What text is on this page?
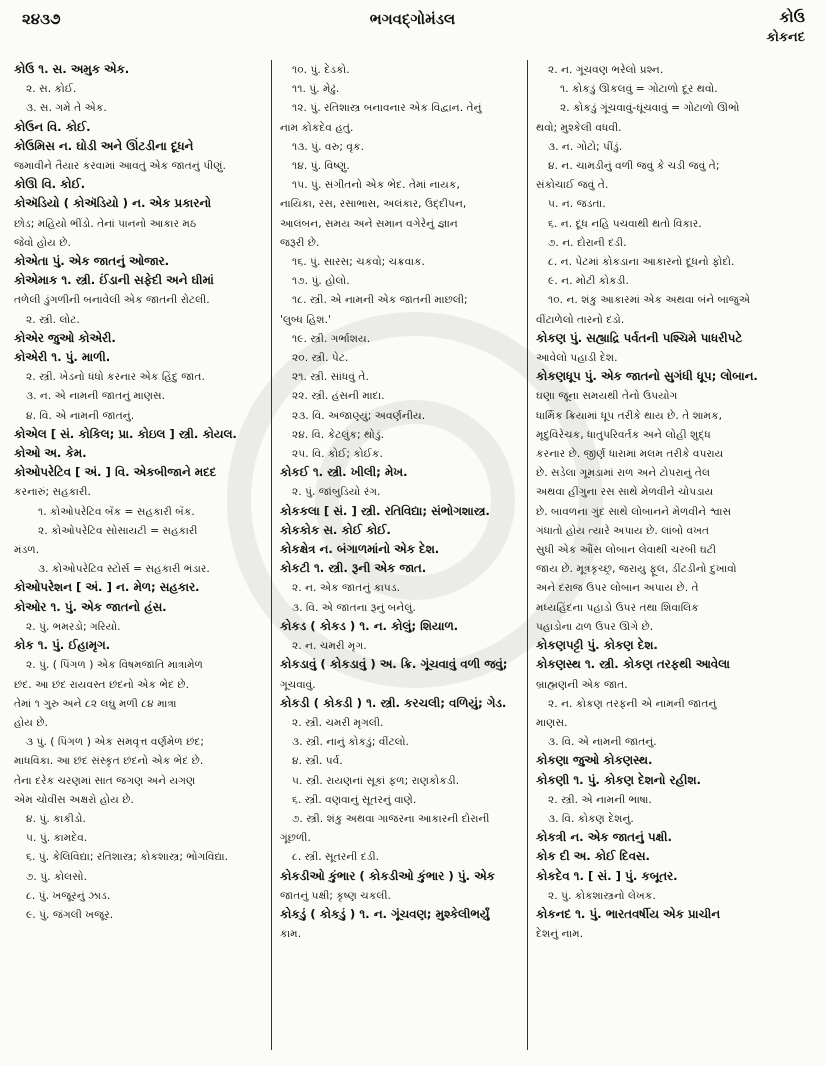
૨૪૩૭	ભગવદ્ગોમંડલ	કોઉ
કોકનદ
કોઉ ૧. સ. અમુક એક.
૨. સ. કોઈ.
૩. સ. ગમે તે એક.
કોઉન વિ. કોઈ.
કોઉમિસ ન. ઘોડી અને ઊંટડીના દૂધને
જમાવીને તૈયાર કરવામાં આવતું એક જાતનું પીણું.
કોઊ વિ. કોઈ.
કોઍડિયો ( કોઍડિયો ) ન. એક પ્રકારનો
છોડ; મહિયો ભીંડો. તેનાં પાનનો આકાર મઠ
જેવો હોય છે.
કોએતા પું. એક જાતનું ઓજાર.
કોએમાક ૧. સ્ત્રી. ઈંડાની સફેદી અને ઘીમાં
તળેલી ડુંગળીની બનાવેલી એક જાતની રોટલી.
૨. સ્ત્રી. લોટ.
કોએર જુઓ કોએરી.
કોએરી ૧. પું. માળી.
૨. સ્ત્રી. ખેડનો ધંધો કરનાર એક હિંદુ જાત.
૩. ન. એ નામની જાતનું માણસ.
૪. વિ. એ નામની જાતનું.
કોએલ [ સં. કોકિલ; પ્રા. કોઇલ ] સ્ત્રી. કોયલ.
કોઓ અ. કેમ.
કોઓપરેટિવ [ અં. ] વિ. એકબીજાને મદદ
કરનારું; સહકારી.
૧. કોઓપરેટિવ બૅંક = સહકારી બૅંક.
૨. કોઓપરેટિવ સોસાયટી = સહકારી
મંડળ.
૩. કોઓપરેટિવ સ્ટોર્સ = સહકારી ભંડાર.
કોઓપરેશન [ અં. ] ન. મેળ; સહકાર.
કોઓર ૧. પું. એક જાતનો હંસ.
૨. પું. ભમરડો; ગરિયો.
કોક ૧. પું. ઈહામૃગ.
૨. પું. ( પિંગળ ) એક વિષમજાતિ માત્રામેળ
છંદ. આ છંદ રાયવસ્ત છંદનો એક ભેદ છે.
તેમાં ૧ ગુરુ અને ૮૨ લઘુ મળી ૮૪ માત્રા
હોય છે.
૩ પું. ( પિંગળ ) એક સમવૃત્ત વર્ણમેળ છંદ;
માધવિકા. આ છંદ સંસ્કૃત છંદનો એક ભેદ છે.
તેના દરેક ચરણમાં સાત જગણ અને યગણ
એમ ચોવીસ અક્ષરો હોય છે.
૪. પું. કાકીડો.
૫. પું. કામદેવ.
૬. પું. કેલિવિદ્યા; રતિશાસ્ત્ર; કોકશાસ્ત્ર; ભોગવિદ્યા.
૭. પું. કોલસો.
૮. પું. ખજૂરનું ઝાડ.
૯. પું. જંગલી ખજૂર.
૧૦. પું. દેડકો.
૧૧. પું. મેઢું.
૧૨. પું. રતિશાસ્ત્ર બનાવનાર એક વિદ્વાન. તેનું
નામ કોકદેવ હતું.
૧૩. પું. વરુ; વૃક.
૧૪. પું. વિષ્ણુ.
૧૫. પું. સંગીતનો એક ભેદ. તેમાં નાયક,
નાયિકા, રસ, રસાભાસ, અલંકાર, ઉદ્દીપન,
આલંબન, સમય અને સમાન વગેરેનું જ્ઞાન
જરૂરી છે.
૧૬. પું. સારસ; ચકવો; ચક્રવાક.
૧૭. પું. હોલો.
૧૮. સ્ત્રી. એ નામની એક જાતની માછલી;
'લુબ્ધ હિશ.'
૧૯. સ્ત્રી. ગર્ભાશય.
૨૦. સ્ત્રી. પેટ.
૨૧. સ્ત્રી. સાંધવું તે.
૨૨. સ્ત્રી. હંસની માદા.
૨૩. વિ. અજાણ્યું; અવર્ણનીય.
૨૪. વિ. કેટલુંક; થોડું.
૨૫. વિ. કોઈ; કોઈક.
કોકઈ ૧. સ્ત્રી. ખીલી; મેખ.
૨. પું. જાંબુડિયો રંગ.
કોકકલા [ સં. ] સ્ત્રી. રતિવિદ્યા; સંભોગશાસ્ત્ર.
કોકકોક સ. કોઈ કોઈ.
કોકક્ષેત્ર ન. બંગાળમાંનો એક દેશ.
કોકટી ૧. સ્ત્રી. રૂની એક જાત.
૨. ન. એક જાતનું કાપડ.
૩. વિ. એ જાતના રૂનું બનેલું.
કોકડ ( કોકડ ) ૧. ન. કોલું; શિયાળ.
૨. ન. ચમરી મૃગ.
કોકડાવું ( કોકડાવું ) અ. ક્રિ. ગૂંચવાવું વળી જવું;
ગૂચવાવું.
કોકડી ( કોકડી ) ૧. સ્ત્રી. કરચલી; વળિયું; ગેડ.
૨. સ્ત્રી. ચમરી મૃગલી.
૩. સ્ત્રી. નાનું કોકડું; વીંટલો.
૪. સ્ત્રી. પર્વ.
૫. સ્ત્રી. રાયણનાં સૂકાં ફળ; રાણકોકડી.
૬. સ્ત્રી. વણવાનું સૂતરનું વાણે.
૭. સ્ત્રી. શંકુ અથવા ગાજરના આકારની દોરાની
ગૂંછળી.
૮. સ્ત્રી. સૂતરની દડી.
કોકડીઓ કુંભાર ( કોકડીઓ કુંભાર ) પું. એક
જાતનું પક્ષી; કૃષ્ણ ચકલી.
કોકડું ( કોકડું ) ૧. ન. ગૂંચવણ; મુશ્કેલીભર્યું
કામ.
૨. ન. ગૂંચવણ ભરેલો પ્રશ્ન.
૧. કોકડું ઊકલવું = ગોટાળો દૂર થવો.
૨. કોકડું ગૂંચવાવું-ઘૂંચવાવું = ગોટાળો ઊભો
થવો; મુશ્કેલી વધવી.
૩. ન. ગોટો; પીંડું.
૪. ન. ચામડીનું વળી જવું કે ચડી જવું તે;
સંકોચાઈ જવું તે.
૫. ન. જડતા.
૬. ન. દૂધ નહિ પચવાથી થતો વિકાર.
૭. ન. દોરાની દડી.
૮. ન. પેટમાં કોકડાના આકારનો દૂધનો ફોદો.
૯. ન. મોટી કોકડી.
૧૦. ન. શંકુ આકારમાં એક અથવા બંને બાજુએ
વીંટાળેલો તારનો દડો.
કોકણ પું. સહ્યાદ્રિ પર્વતની પશ્ચિમે પાધરીપટે
આવેલો પહાડી દેશ.
કોકણધૂપ પું. એક જાતનો સુગંધી ધૂપ; લોબાન.
ઘણા જૂના સમયથી તેનો ઉપયોગ
ધાર્મિક ક્રિયામાં ધૂપ તરીકે થાય છે. તે શામક,
મૃદુવિરેચક, ધાતુપરિવર્તક અને લોહી શુદ્ધ
કરનાર છે. જીર્ણ ધારામાં મલમ તરીકે વપરાય
છે. સડેલા ગૂમડામાં રાળ અને ટોપરાનું તેલ
અથવા હીંગુના રસ સાથે મેળવીને ચોપડાય
છે. બાવળના ગુંદ સાથે લોબાનને મેળવીને શ્વાસ
ગંધાતો હોય ત્યારે અપાય છે. લાંબો વખત
સુધી એક ઔંસ લોબાન લેવાથી ચરબી ઘટી
જાય છે. મૂત્રકૃચ્છ્ર, જરાયુ ફૂલ, ડીંટડીનો દુખાવો
અને દરાજ ઉપર લોબાન અપાય છે. તે
મધ્યહિંદના પહાડો ઉપર તથા શિવાલિક
પહાડોના ઢાળ ઉપર ઊગે છે.
કોકણપટ્ટી પું. કોકણ દેશ.
કોકણસ્થ ૧. સ્ત્રી. કોકણ તરફથી આવેલા
બ્રાહ્મણની એક જાત.
૨. ન. કોકણ તરફની એ નામની જાતનું
માણસ.
૩. વિ. એ નામની જાતનું.
કોકણા જુઓ કોકણસ્થ.
કોકણી ૧. પું. કોકણ દેશનો રહીશ.
૨. સ્ત્રી. એ નામની ભાષા.
૩. વિ. કોકણ દેશનું.
કોકત્રી ન. એક જાતનું પક્ષી.
કોક દી અ. કોઈ દિવસ.
કોકદેવ ૧. [ સં. ] પું. કબૂતર.
૨. પું. કોકશાસ્ત્રનો લેખક.
કોકનદ ૧. પું. ભારતવર્ષીય એક પ્રાચીન
દેશનું નામ.
